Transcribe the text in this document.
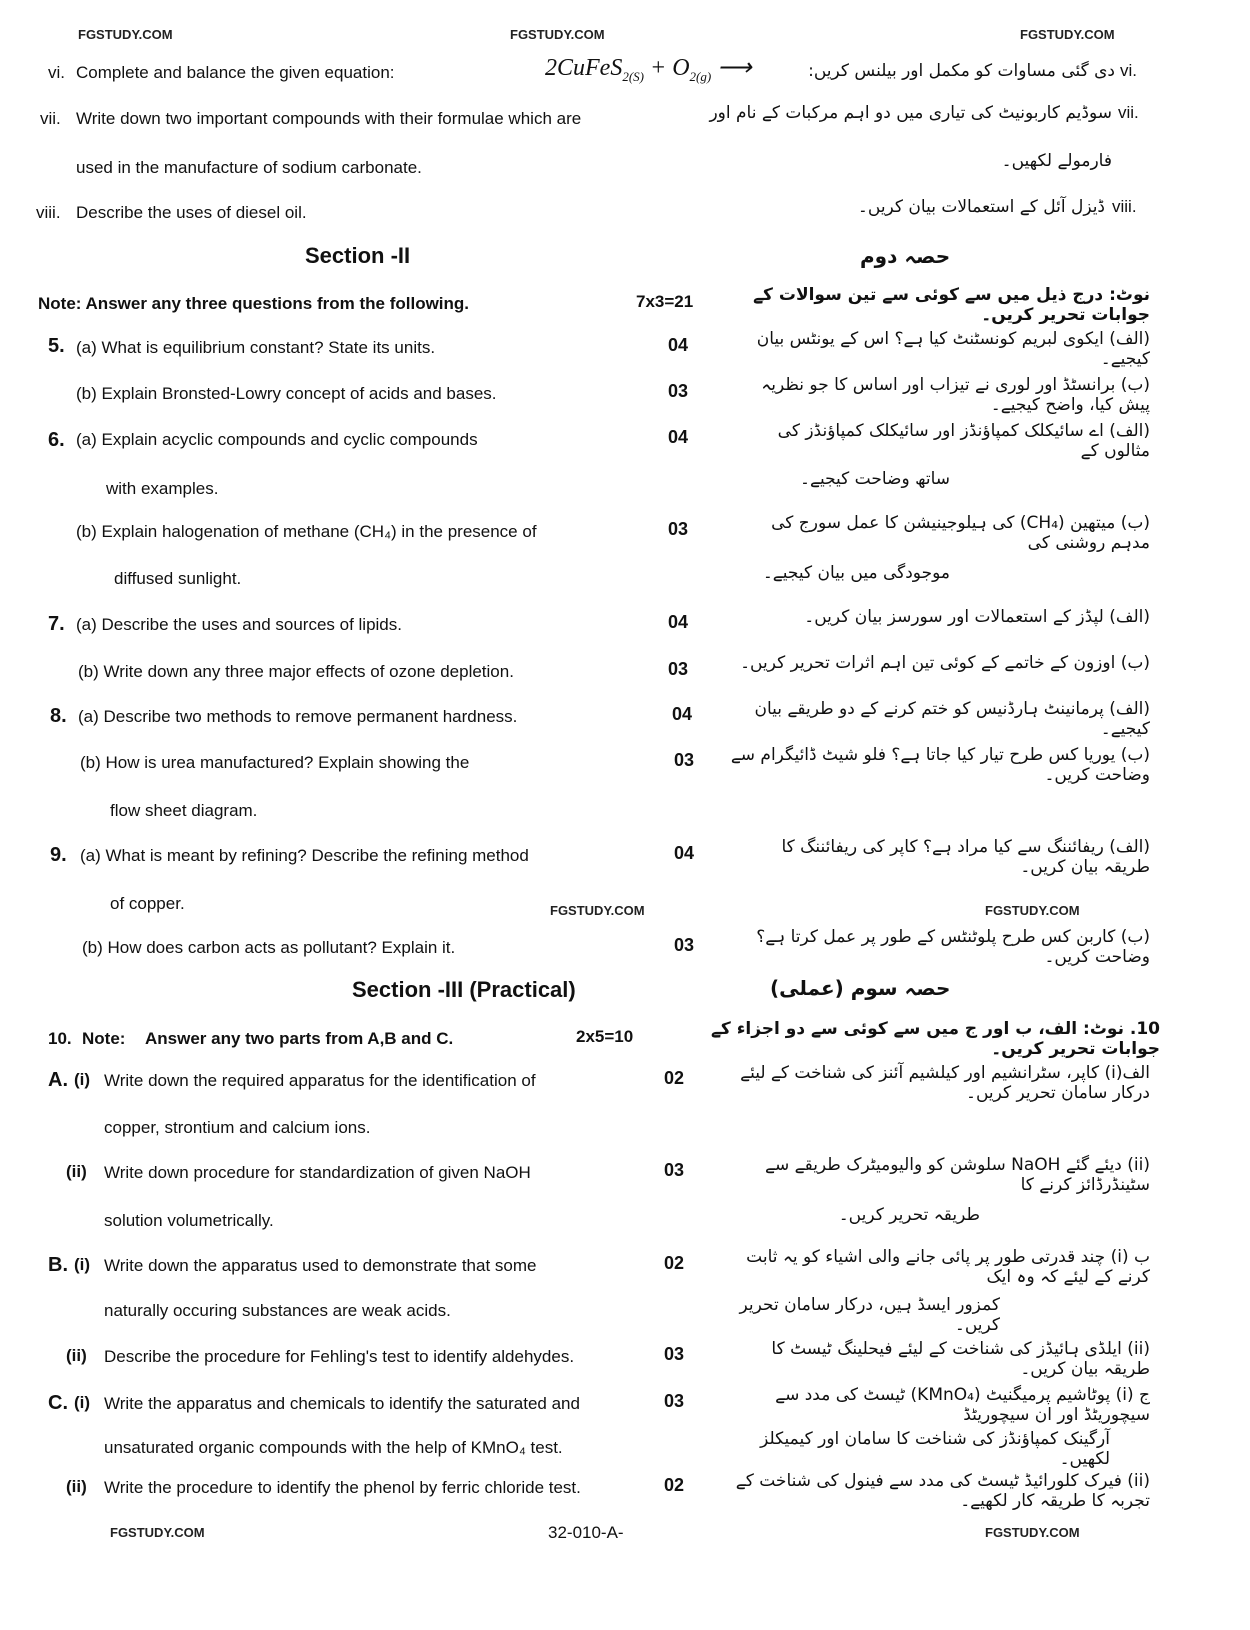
FGSTUDY.COM	FGSTUDY.COM	FGSTUDY.COM
vi. Complete and balance the given equation:	2CuFeS$_{2(S)}$ + $O_{2(g)}$ ⟶	دی گئی مساوات کو مکمل اور بیلنس کریں: vi.
vii. Write down two important compounds with their formulae which are
used in the manufacture of sodium carbonate.
سوڈیم کاربونیٹ کی تیاری میں دو اہم مرکبات کے نام اور vii.
فارمولے لکھیں۔
viii. Describe the uses of diesel oil.	ڈیزل آئل کے استعمالات بیان کریں۔ viii.
Section -II	حصہ دوم
Note: Answer any three questions from the following.	7x3=21	نوٹ: درج ذیل میں سے کوئی سے تین سوالات کے جوابات تحریر کریں۔
5. (a) What is equilibrium constant? State its units.	04	(الف) ایکوی لبریم کونسٹنٹ کیا ہے؟ اس کے یونٹس بیان کیجیے۔
(b) Explain Bronsted-Lowry concept of acids and bases.	03	(ب) برانسٹڈ اور لوری نے تیزاب اور اساس کا جو نظریہ پیش کیا، واضح کیجیے۔
6. (a) Explain acyclic compounds and cyclic compounds	04	(الف) اے سائیکلک کمپاؤنڈز اور سائیکلک کمپاؤنڈز کی مثالوں کے
with examples.	ساتھ وضاحت کیجیے۔
(b) Explain halogenation of methane (CH₄) in the presence of	03	(ب) میتھین (CH₄) کی ہیلوجینیشن کا عمل سورج کی مدہم روشنی کی
diffused sunlight.	موجودگی میں بیان کیجیے۔
7. (a) Describe the uses and sources of lipids.	04	(الف) لپڈز کے استعمالات اور سورسز بیان کریں۔
(b) Write down any three major effects of ozone depletion.	03	(ب) اوزون کے خاتمے کے کوئی تین اہم اثرات تحریر کریں۔
8. (a) Describe two methods to remove permanent hardness.	04	(الف) پرمانینٹ ہارڈنیس کو ختم کرنے کے دو طریقے بیان کیجیے۔
(b) How is urea manufactured? Explain showing the	03 (ب) یوریا کس طرح تیار کیا جاتا ہے؟ فلو شیٹ ڈائیگرام سے وضاحت کریں۔
flow sheet diagram.
9. (a) What is meant by refining? Describe the refining method	04	(الف) ریفائننگ سے کیا مراد ہے؟ کاپر کی ریفائننگ کا طریقہ بیان کریں۔
of copper.	FGSTUDY.COM	FGSTUDY.COM
(b) How does carbon acts as pollutant? Explain it.	03	(ب) کاربن کس طرح پلوٹنٹس کے طور پر عمل کرتا ہے؟ وضاحت کریں۔
Section -III (Practical)	حصہ سوم (عملی)
10. Note: Answer any two parts from A,B and C.	2x5=10	10. نوٹ: الف، ب اور ج میں سے کوئی سے دو اجزاء کے جوابات تحریر کریں۔
A. (i) Write down the required apparatus for the identification of	02	الف(i) کاپر، سٹرانشیم اور کیلشیم آئنز کی شناخت کے لیئے درکار سامان تحریر کریں۔
copper, strontium and calcium ions.
(ii) Write down procedure for standardization of given NaOH	03	(ii) دیئے گئے NaOH سلوشن کو والیومیٹرک طریقے سے سٹینڈرڈائز کرنے کا
solution volumetrically.	طریقہ تحریر کریں۔
B. (i) Write down the apparatus used to demonstrate that some	02	ب (i) چند قدرتی طور پر پائی جانے والی اشیاء کو یہ ثابت کرنے کے لیئے کہ وہ ایک
naturally occuring substances are weak acids.	کمزور ایسڈ ہیں، درکار سامان تحریر کریں۔
(ii) Describe the procedure for Fehling's test to identify aldehydes.	03	(ii) ایلڈی ہائیڈز کی شناخت کے لیئے فیحلینگ ٹیسٹ کا طریقہ بیان کریں۔
C. (i) Write the apparatus and chemicals to identify the saturated and	03	ج (i) پوٹاشیم پرمیگنیٹ (KMnO₄) ٹیسٹ کی مدد سے سیچوریٹڈ اور ان سیچوریٹڈ
unsaturated organic compounds with the help of KMnO₄ test.	آرگینک کمپاؤنڈز کی شناخت کا سامان اور کیمیکلز لکھیں۔
(ii) Write the procedure to identify the phenol by ferric chloride test.	02	(ii) فیرک کلورائیڈ ٹیسٹ کی مدد سے فینول کی شناخت کے تجربہ کا طریقہ کار لکھیے۔
FGSTUDY.COM	32-010-A-	FGSTUDY.COM
